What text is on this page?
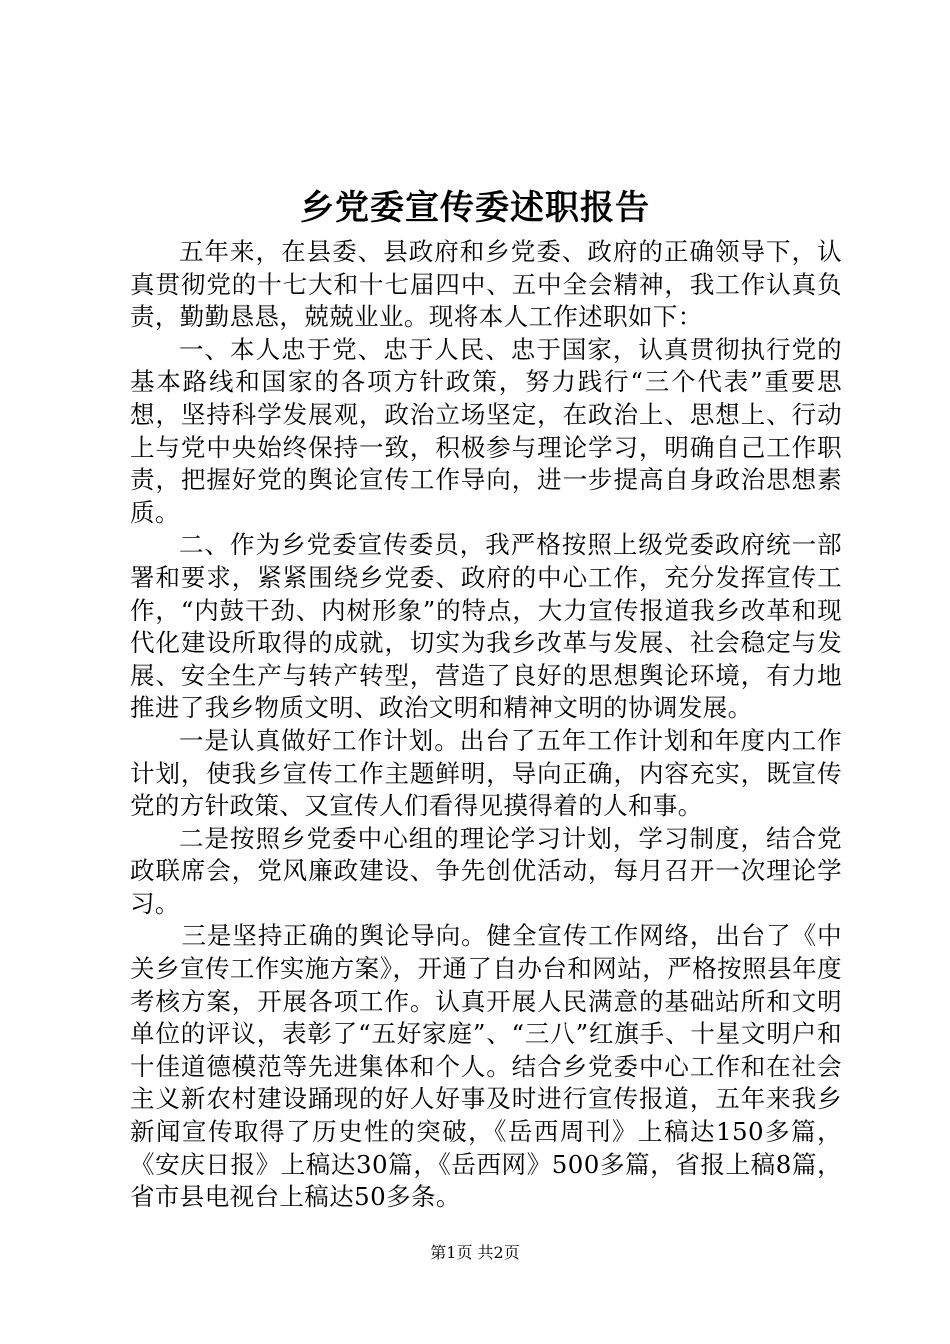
乡党委宣传委述职报告

五年来，在县委、县政府和乡党委、政府的正确领导下，认真贯彻党的十七大和十七届四中、五中全会精神，我工作认真负责，勤勤恳恳，兢兢业业。现将本人工作述职如下：

一、本人忠于党、忠于人民、忠于国家，认真贯彻执行党的基本路线和国家的各项方针政策，努力践行“三个代表”重要思想，坚持科学发展观，政治立场坚定，在政治上、思想上、行动上与党中央始终保持一致，积极参与理论学习，明确自己工作职责，把握好党的舆论宣传工作导向，进一步提高自身政治思想素质。

二、作为乡党委宣传委员，我严格按照上级党委政府统一部署和要求，紧紧围绕乡党委、政府的中心工作，充分发挥宣传工作，“内鼓干劲、内树形象”的特点，大力宣传报道我乡改革和现代化建设所取得的成就，切实为我乡改革与发展、社会稳定与发展、安全生产与转产转型，营造了良好的思想舆论环境，有力地推进了我乡物质文明、政治文明和精神文明的协调发展。

一是认真做好工作计划。出台了五年工作计划和年度内工作计划，使我乡宣传工作主题鲜明，导向正确，内容充实，既宣传党的方针政策、又宣传人们看得见摸得着的人和事。

二是按照乡党委中心组的理论学习计划，学习制度，结合党政联席会，党风廉政建设、争先创优活动，每月召开一次理论学习。

三是坚持正确的舆论导向。健全宣传工作网络，出台了《中关乡宣传工作实施方案》，开通了自办台和网站，严格按照县年度考核方案，开展各项工作。认真开展人民满意的基础站所和文明单位的评议，表彰了“五好家庭”、“三八”红旗手、十星文明户和十佳道德模范等先进集体和个人。结合乡党委中心工作和在社会主义新农村建设踊现的好人好事及时进行宣传报道，五年来我乡新闻宣传取得了历史性的突破，《岳西周刊》上稿达150多篇，《安庆日报》上稿达30篇，《岳西网》500多篇，省报上稿8篇，省市县电视台上稿达50多条。

第1页 共2页
